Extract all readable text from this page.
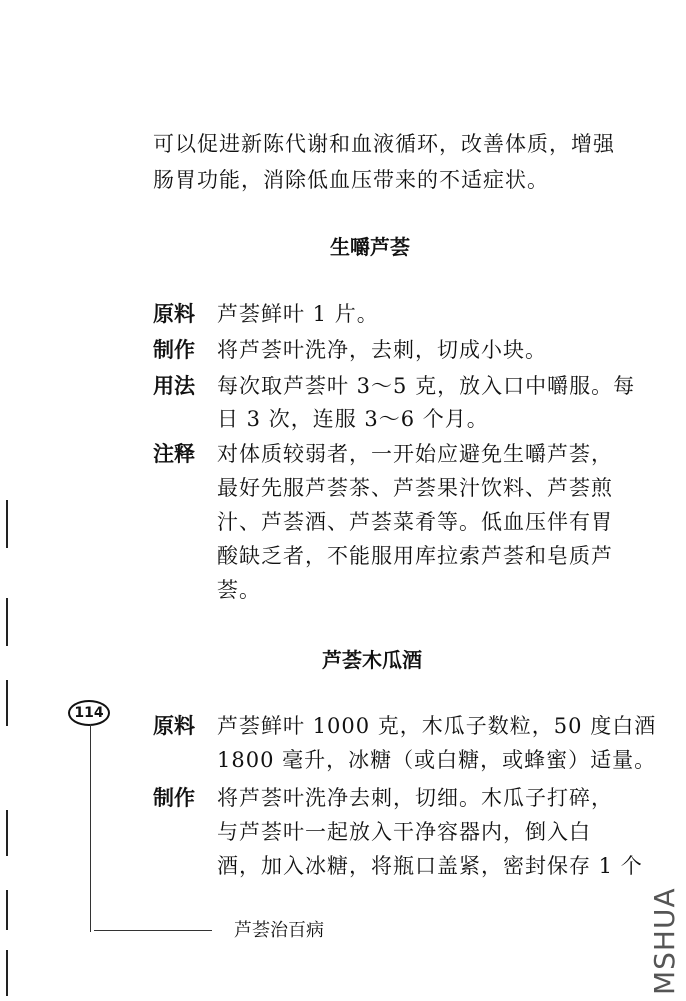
可以促进新陈代谢和血液循环，改善体质，增强
肠胃功能，消除低血压带来的不适症状。
生嚼芦荟
原料 芦荟鲜叶 1 片。
制作 将芦荟叶洗净，去刺，切成小块。
用法 每次取芦荟叶 3～5 克，放入口中嚼服。每
日 3 次，连服 3～6 个月。
注释 对体质较弱者，一开始应避免生嚼芦荟，
最好先服芦荟茶、芦荟果汁饮料、芦荟煎
汁、芦荟酒、芦荟菜肴等。低血压伴有胃
酸缺乏者，不能服用库拉索芦荟和皂质芦
荟。
芦荟木瓜酒
原料 芦荟鲜叶 1000 克，木瓜子数粒，50 度白酒
1800 毫升，冰糖（或白糖，或蜂蜜）适量。
制作 将芦荟叶洗净去刺，切细。木瓜子打碎，
与芦荟叶一起放入干净容器内，倒入白
酒，加入冰糖，将瓶口盖紧，密封保存 1 个
114
芦荟治百病	MSHUA
